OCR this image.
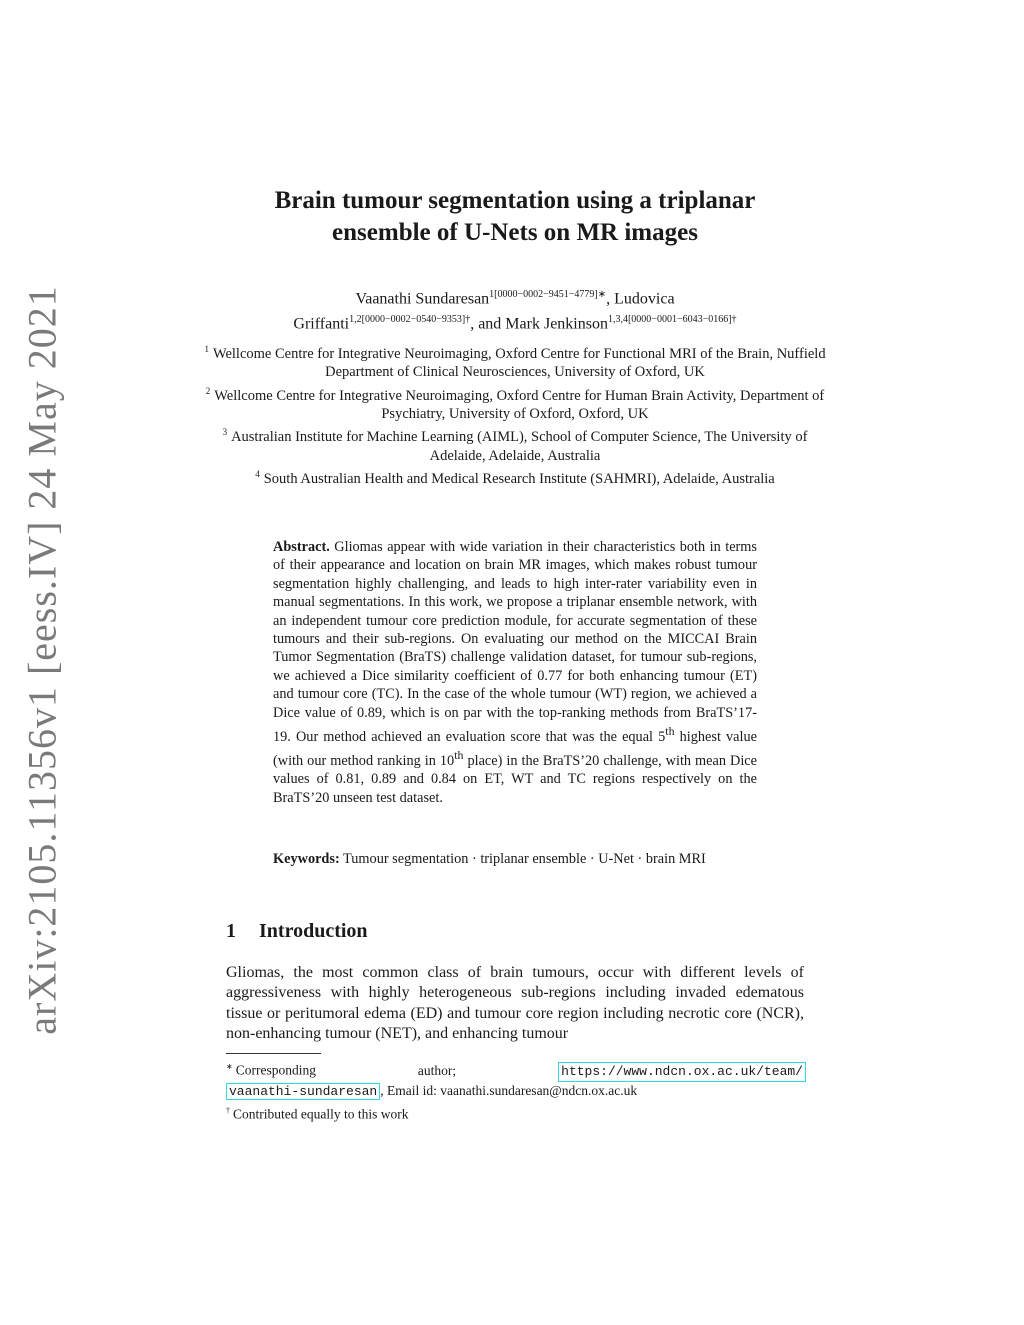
arXiv:2105.11356v1 [eess.IV] 24 May 2021
Brain tumour segmentation using a triplanar
ensemble of U-Nets on MR images
Vaanathi Sundaresan$^{1[0000-0002-9451-4779]∗}$, Ludovica
Griffanti$^{1,2[0000-0002-0540-9353]\dagger}$, and Mark Jenkinson$^{1,3,4[0000-0001-6043-0166]\dagger}$
$^1$ Wellcome Centre for Integrative Neuroimaging, Oxford Centre for Functional MRI of the Brain, Nuffield Department of Clinical Neurosciences, University of Oxford, UK
$^2$ Wellcome Centre for Integrative Neuroimaging, Oxford Centre for Human Brain Activity, Department of Psychiatry, University of Oxford, Oxford, UK
$^3$ Australian Institute for Machine Learning (AIML), School of Computer Science, The University of Adelaide, Adelaide, Australia
$^4$ South Australian Health and Medical Research Institute (SAHMRI), Adelaide, Australia
Abstract. Gliomas appear with wide variation in their characteristics both in terms of their appearance and location on brain MR images, which makes robust tumour segmentation highly challenging, and leads to high inter-rater variability even in manual segmentations. In this work, we propose a triplanar ensemble network, with an independent tumour core prediction module, for accurate segmentation of these tumours and their sub-regions. On evaluating our method on the MICCAI Brain Tumor Segmentation (BraTS) challenge validation dataset, for tumour sub-regions, we achieved a Dice similarity coefficient of 0.77 for both enhancing tumour (ET) and tumour core (TC). In the case of the whole tumour (WT) region, we achieved a Dice value of 0.89, which is on par with the top-ranking methods from BraTS’17-19. Our method achieved an evaluation score that was the equal 5th highest value (with our method ranking in 10th place) in the BraTS’20 challenge, with mean Dice values of 0.81, 0.89 and 0.84 on ET, WT and TC regions respectively on the BraTS’20 unseen test dataset.
Keywords: Tumour segmentation · triplanar ensemble · U-Net · brain MRI
1 Introduction
Gliomas, the most common class of brain tumours, occur with different levels of aggressiveness with highly heterogeneous sub-regions including invaded edematous tissue or peritumoral edema (ED) and tumour core region including necrotic core (NCR), non-enhancing tumour (NET), and enhancing tumour
∗ Corresponding	author;	https://www.ndcn.ox.ac.uk/team/
vaanathi-sundaresan , Email id: vaanathi.sundaresan@ndcn.ox.ac.uk
† Contributed equally to this work
